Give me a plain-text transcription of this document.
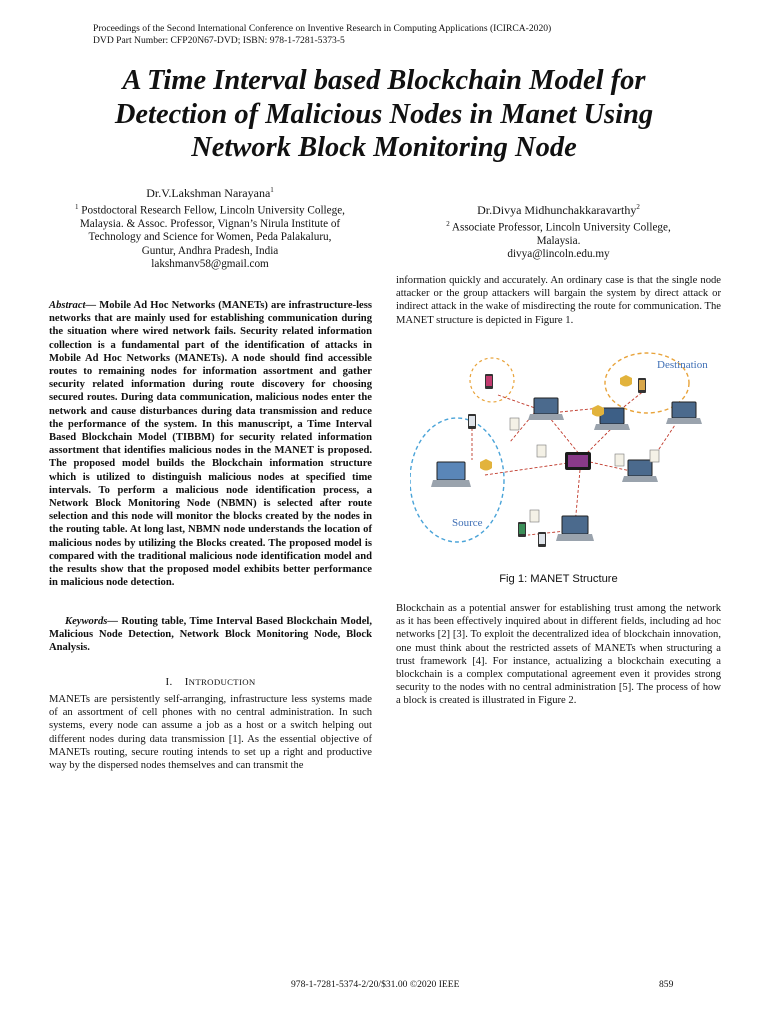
Proceedings of the Second International Conference on Inventive Research in Computing Applications (ICIRCA-2020)
DVD Part Number: CFP20N67-DVD; ISBN: 978-1-7281-5373-5
A Time Interval based Blockchain Model for
Detection of Malicious Nodes in Manet Using
Network Block Monitoring Node
Dr.V.Lakshman Narayana$^1$
$^1$ Postdoctoral Research Fellow, Lincoln University College,
Malaysia. & Assoc. Professor, Vignan’s Nirula Institute of
Technology and Science for Women, Peda Palakaluru,
Guntur, Andhra Pradesh, India
lakshmanv58@gmail.com
Dr.Divya Midhunchakkaravarthy$^2$
$^2$ Associate Professor, Lincoln University College,
Malaysia.
divya@lincoln.edu.my

Abstract— Mobile Ad Hoc Networks (MANETs) are infrastructure-less networks that are mainly used for establishing communication during the situation where wired network fails. Security related information collection is a fundamental part of the identification of attacks in Mobile Ad Hoc Networks (MANETs). A node should find accessible routes to remaining nodes for information assortment and gather security related information during route discovery for choosing secured routes. During data communication, malicious nodes enter the network and cause disturbances during data transmission and reduce the performance of the system. In this manuscript, a Time Interval Based Blockchain Model (TIBBM) for security related information assortment that identifies malicious nodes in the MANET is proposed. The proposed model builds the Blockchain information structure which is utilized to distinguish malicious nodes at specified time intervals. To perform a malicious node identification process, a Network Block Monitoring Node (NBMN) is selected after route selection and this node will monitor the blocks created by the nodes in the routing table. At long last, NBMN node understands the location of malicious nodes by utilizing the Blocks created. The proposed model is compared with the traditional malicious node identification model and the results show that the proposed model exhibits better performance in malicious node detection.

Keywords— Routing table, Time Interval Based Blockchain Model, Malicious Node Detection, Network Block Monitoring Node, Block Analysis.

I. INTRODUCTION

MANETs are persistently self-arranging, infrastructure less systems made of an assortment of cell phones with no central administration. In such systems, every node can assume a job as a host or a switch helping out different nodes during data transmission [1]. As the essential objective of MANETs routing, secure routing intends to set up a right and productive way by the dispersed nodes themselves and can transmit the

information quickly and accurately. An ordinary case is that the single node attacker or the group attackers will bargain the system by direct attack or indirect attack in the wake of misdirecting the route for communication. The MANET structure is depicted in Figure 1.

Destination
Source
Fig 1: MANET Structure

Blockchain as a potential answer for establishing trust among the network as it has been effectively inquired about in different fields, including ad hoc networks [2] [3]. To exploit the decentralized idea of blockchain innovation, one must think about the restricted assets of MANETs when structuring a trust framework [4]. For instance, actualizing a blockchain executing a blockchain is a complex computational agreement even it provides strong security to the nodes with no central administration [5]. The process of how a block is created is illustrated in Figure 2.

978-1-7281-5374-2/20/$31.00 ©2020 IEEE	859
